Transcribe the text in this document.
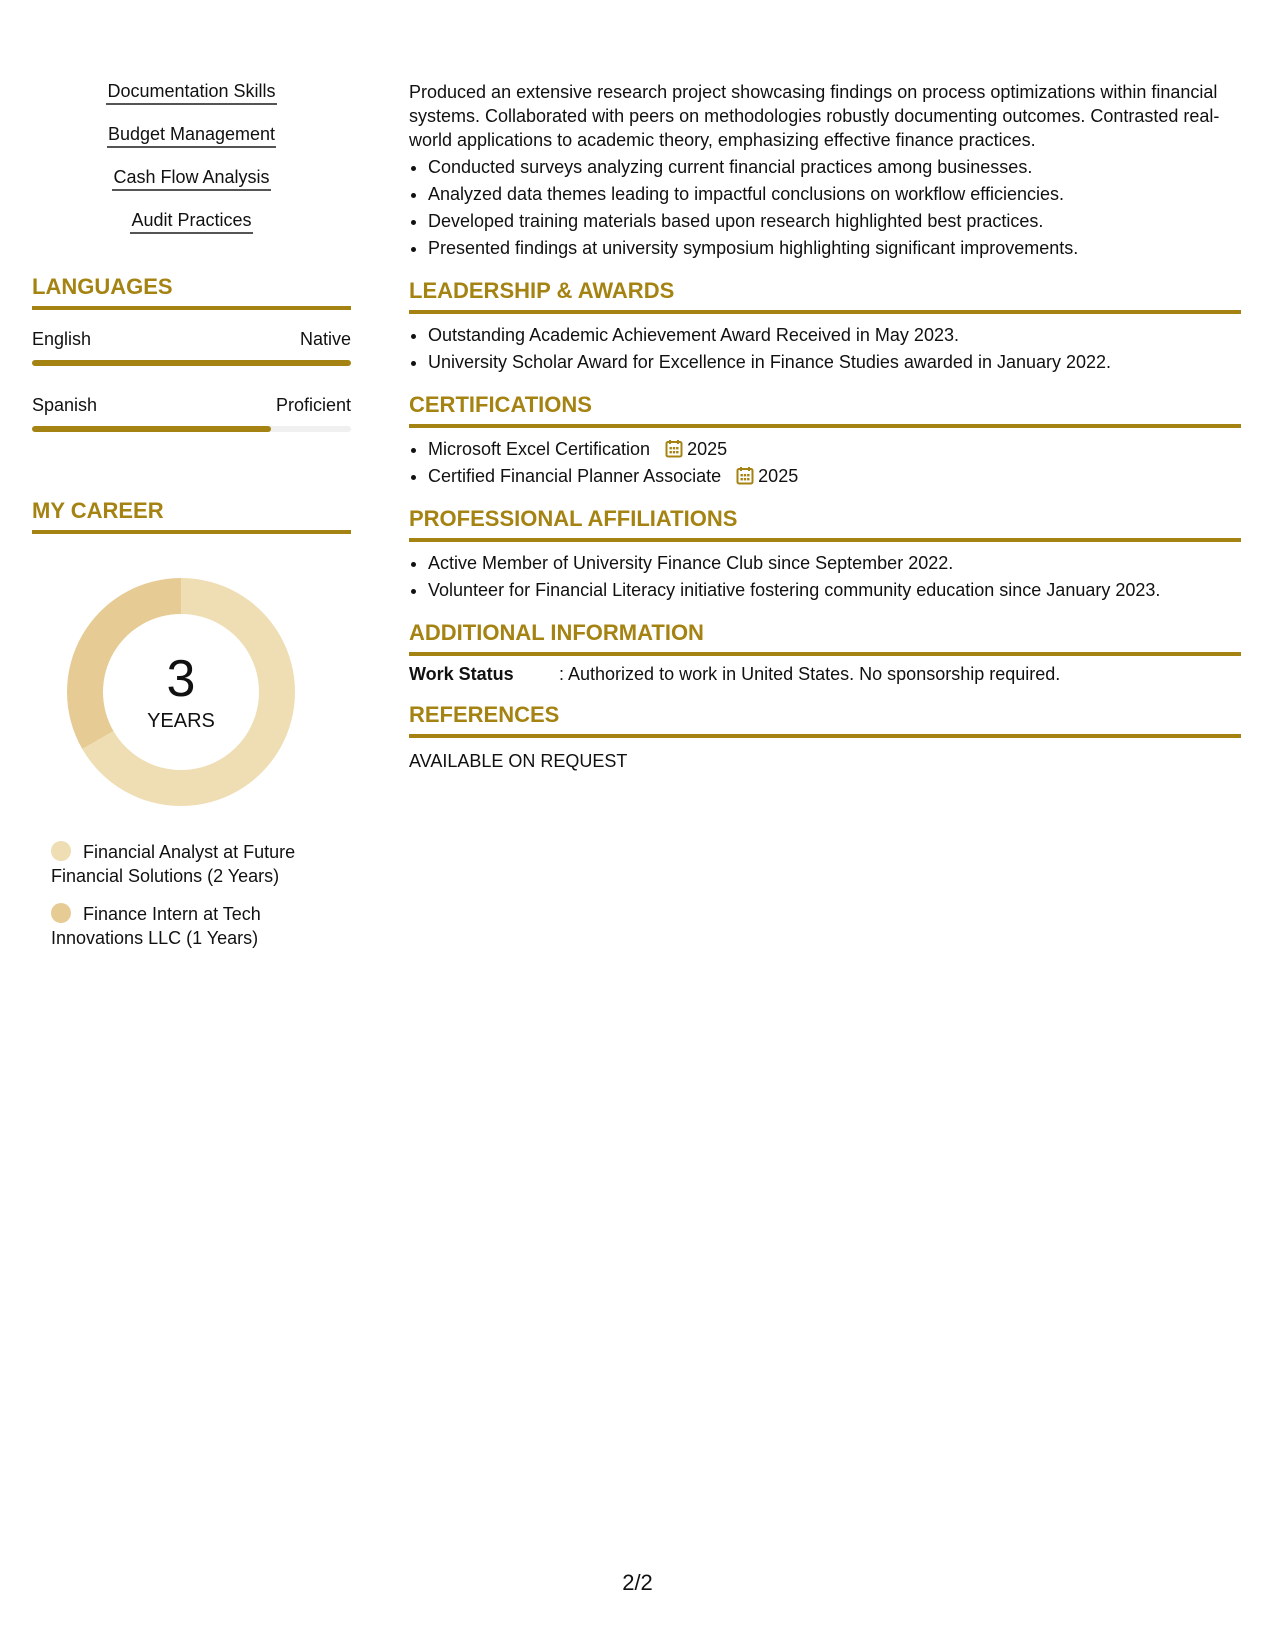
Documentation Skills
Budget Management
Cash Flow Analysis
Audit Practices
LANGUAGES
English	Native
Spanish	Proficient
MY CAREER
3
YEARS
Financial Analyst at Future Financial Solutions (2 Years)
Finance Intern at Tech Innovations LLC (1 Years)

Produced an extensive research project showcasing findings on process optimizations within financial systems. Collaborated with peers on methodologies robustly documenting outcomes. Contrasted real-world applications to academic theory, emphasizing effective finance practices.

• Conducted surveys analyzing current financial practices among businesses.
• Analyzed data themes leading to impactful conclusions on workflow efficiencies.
• Developed training materials based upon research highlighted best practices.
• Presented findings at university symposium highlighting significant improvements.
LEADERSHIP & AWARDS
• Outstanding Academic Achievement Award Received in May 2023.
• University Scholar Award for Excellence in Finance Studies awarded in January 2022.
CERTIFICATIONS
• Microsoft Excel Certification 2025
• Certified Financial Planner Associate 2025
PROFESSIONAL AFFILIATIONS
• Active Member of University Finance Club since September 2022.
• Volunteer for Financial Literacy initiative fostering community education since January 2023.
ADDITIONAL INFORMATION
Work Status	: Authorized to work in United States. No sponsorship required.
REFERENCES
AVAILABLE ON REQUEST
2/2
